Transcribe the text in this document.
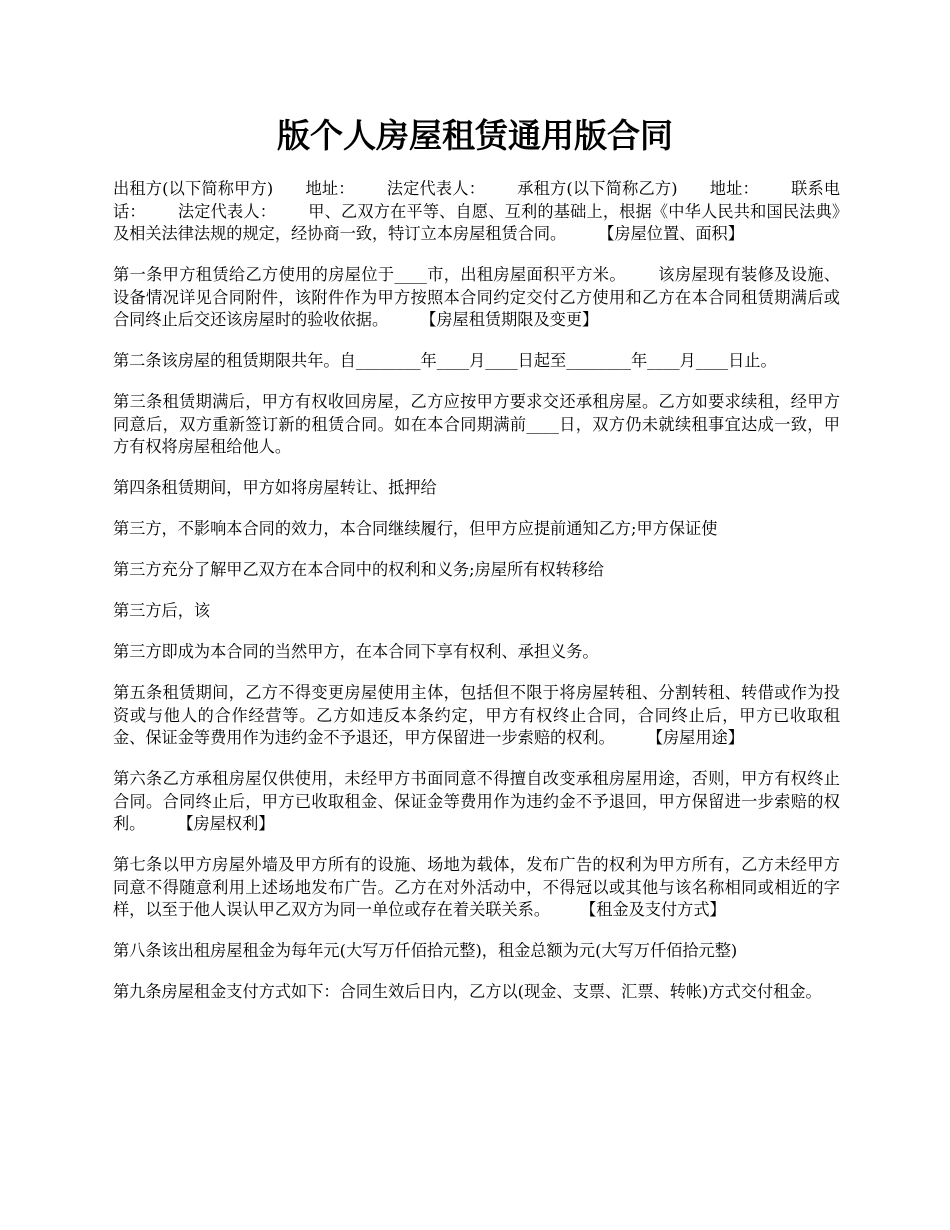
版个人房屋租赁通用版合同

出租方(以下简称甲方) 地址： 法定代表人： 承租方(以下简称乙方) 地址： 联系电话： 法定代表人： 甲、乙双方在平等、自愿、互利的基础上，根据《中华人民共和国民法典》及相关法律法规的规定，经协商一致，特订立本房屋租赁合同。 【房屋位置、面积】

第一条甲方租赁给乙方使用的房屋位于____市，出租房屋面积平方米。 该房屋现有装修及设施、设备情况详见合同附件，该附件作为甲方按照本合同约定交付乙方使用和乙方在本合同租赁期满后或合同终止后交还该房屋时的验收依据。 【房屋租赁期限及变更】

第二条该房屋的租赁期限共年。自________年____月____日起至________年____月____日止。

第三条租赁期满后，甲方有权收回房屋，乙方应按甲方要求交还承租房屋。乙方如要求续租，经甲方同意后，双方重新签订新的租赁合同。如在本合同期满前____日，双方仍未就续租事宜达成一致，甲方有权将房屋租给他人。

第四条租赁期间，甲方如将房屋转让、抵押给

第三方，不影响本合同的效力，本合同继续履行，但甲方应提前通知乙方;甲方保证使

第三方充分了解甲乙双方在本合同中的权利和义务;房屋所有权转移给

第三方后，该

第三方即成为本合同的当然甲方，在本合同下享有权利、承担义务。

第五条租赁期间，乙方不得变更房屋使用主体，包括但不限于将房屋转租、分割转租、转借或作为投资或与他人的合作经营等。乙方如违反本条约定，甲方有权终止合同，合同终止后，甲方已收取租金、保证金等费用作为违约金不予退还，甲方保留进一步索赔的权利。 【房屋用途】

第六条乙方承租房屋仅供使用，未经甲方书面同意不得擅自改变承租房屋用途，否则，甲方有权终止合同。合同终止后，甲方已收取租金、保证金等费用作为违约金不予退回，甲方保留进一步索赔的权利。 【房屋权利】

第七条以甲方房屋外墙及甲方所有的设施、场地为载体，发布广告的权利为甲方所有，乙方未经甲方同意不得随意利用上述场地发布广告。乙方在对外活动中，不得冠以或其他与该名称相同或相近的字样，以至于他人误认甲乙双方为同一单位或存在着关联关系。 【租金及支付方式】

第八条该出租房屋租金为每年元(大写万仟佰拾元整)，租金总额为元(大写万仟佰拾元整)

第九条房屋租金支付方式如下：合同生效后日内，乙方以(现金、支票、汇票、转帐)方式交付租金。
